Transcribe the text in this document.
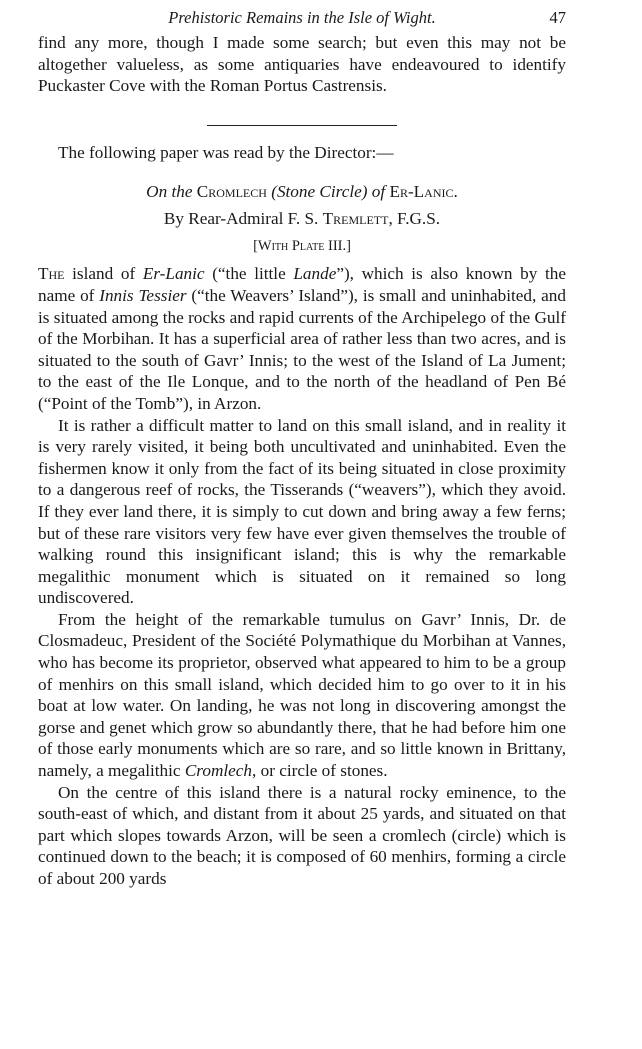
Prehistoric Remains in the Isle of Wight.	47

find any more, though I made some search; but even this may not be altogether valueless, as some antiquaries have endeavoured to identify Puckaster Cove with the Roman Portus Castrensis.

The following paper was read by the Director:—

On the Cromlech (Stone Circle) of Er-Lanic.
By Rear-Admiral F. S. Tremlett, F.G.S.
[With Plate III.]

The island of Er-Lanic (“the little Lande”), which is also known by the name of Innis Tessier (“the Weavers’ Island”), is small and uninhabited, and is situated among the rocks and rapid currents of the Archipelego of the Gulf of the Morbihan. It has a superficial area of rather less than two acres, and is situated to the south of Gavr’ Innis; to the west of the Island of La Jument; to the east of the Ile Lonque, and to the north of the headland of Pen Bé (“Point of the Tomb”), in Arzon.

It is rather a difficult matter to land on this small island, and in reality it is very rarely visited, it being both uncultivated and uninhabited. Even the fishermen know it only from the fact of its being situated in close proximity to a dangerous reef of rocks, the Tisserands (“weavers”), which they avoid. If they ever land there, it is simply to cut down and bring away a few ferns; but of these rare visitors very few have ever given themselves the trouble of walking round this insignificant island; this is why the remarkable megalithic monument which is situated on it remained so long undiscovered.

From the height of the remarkable tumulus on Gavr’ Innis, Dr. de Closmadeuc, President of the Société Polymathique du Morbihan at Vannes, who has become its proprietor, observed what appeared to him to be a group of menhirs on this small island, which decided him to go over to it in his boat at low water. On landing, he was not long in discovering amongst the gorse and genet which grow so abundantly there, that he had before him one of those early monuments which are so rare, and so little known in Brittany, namely, a megalithic Cromlech, or circle of stones.

On the centre of this island there is a natural rocky eminence, to the south-east of which, and distant from it about 25 yards, and situated on that part which slopes towards Arzon, will be seen a cromlech (circle) which is continued down to the beach; it is composed of 60 menhirs, forming a circle of about 200 yards
